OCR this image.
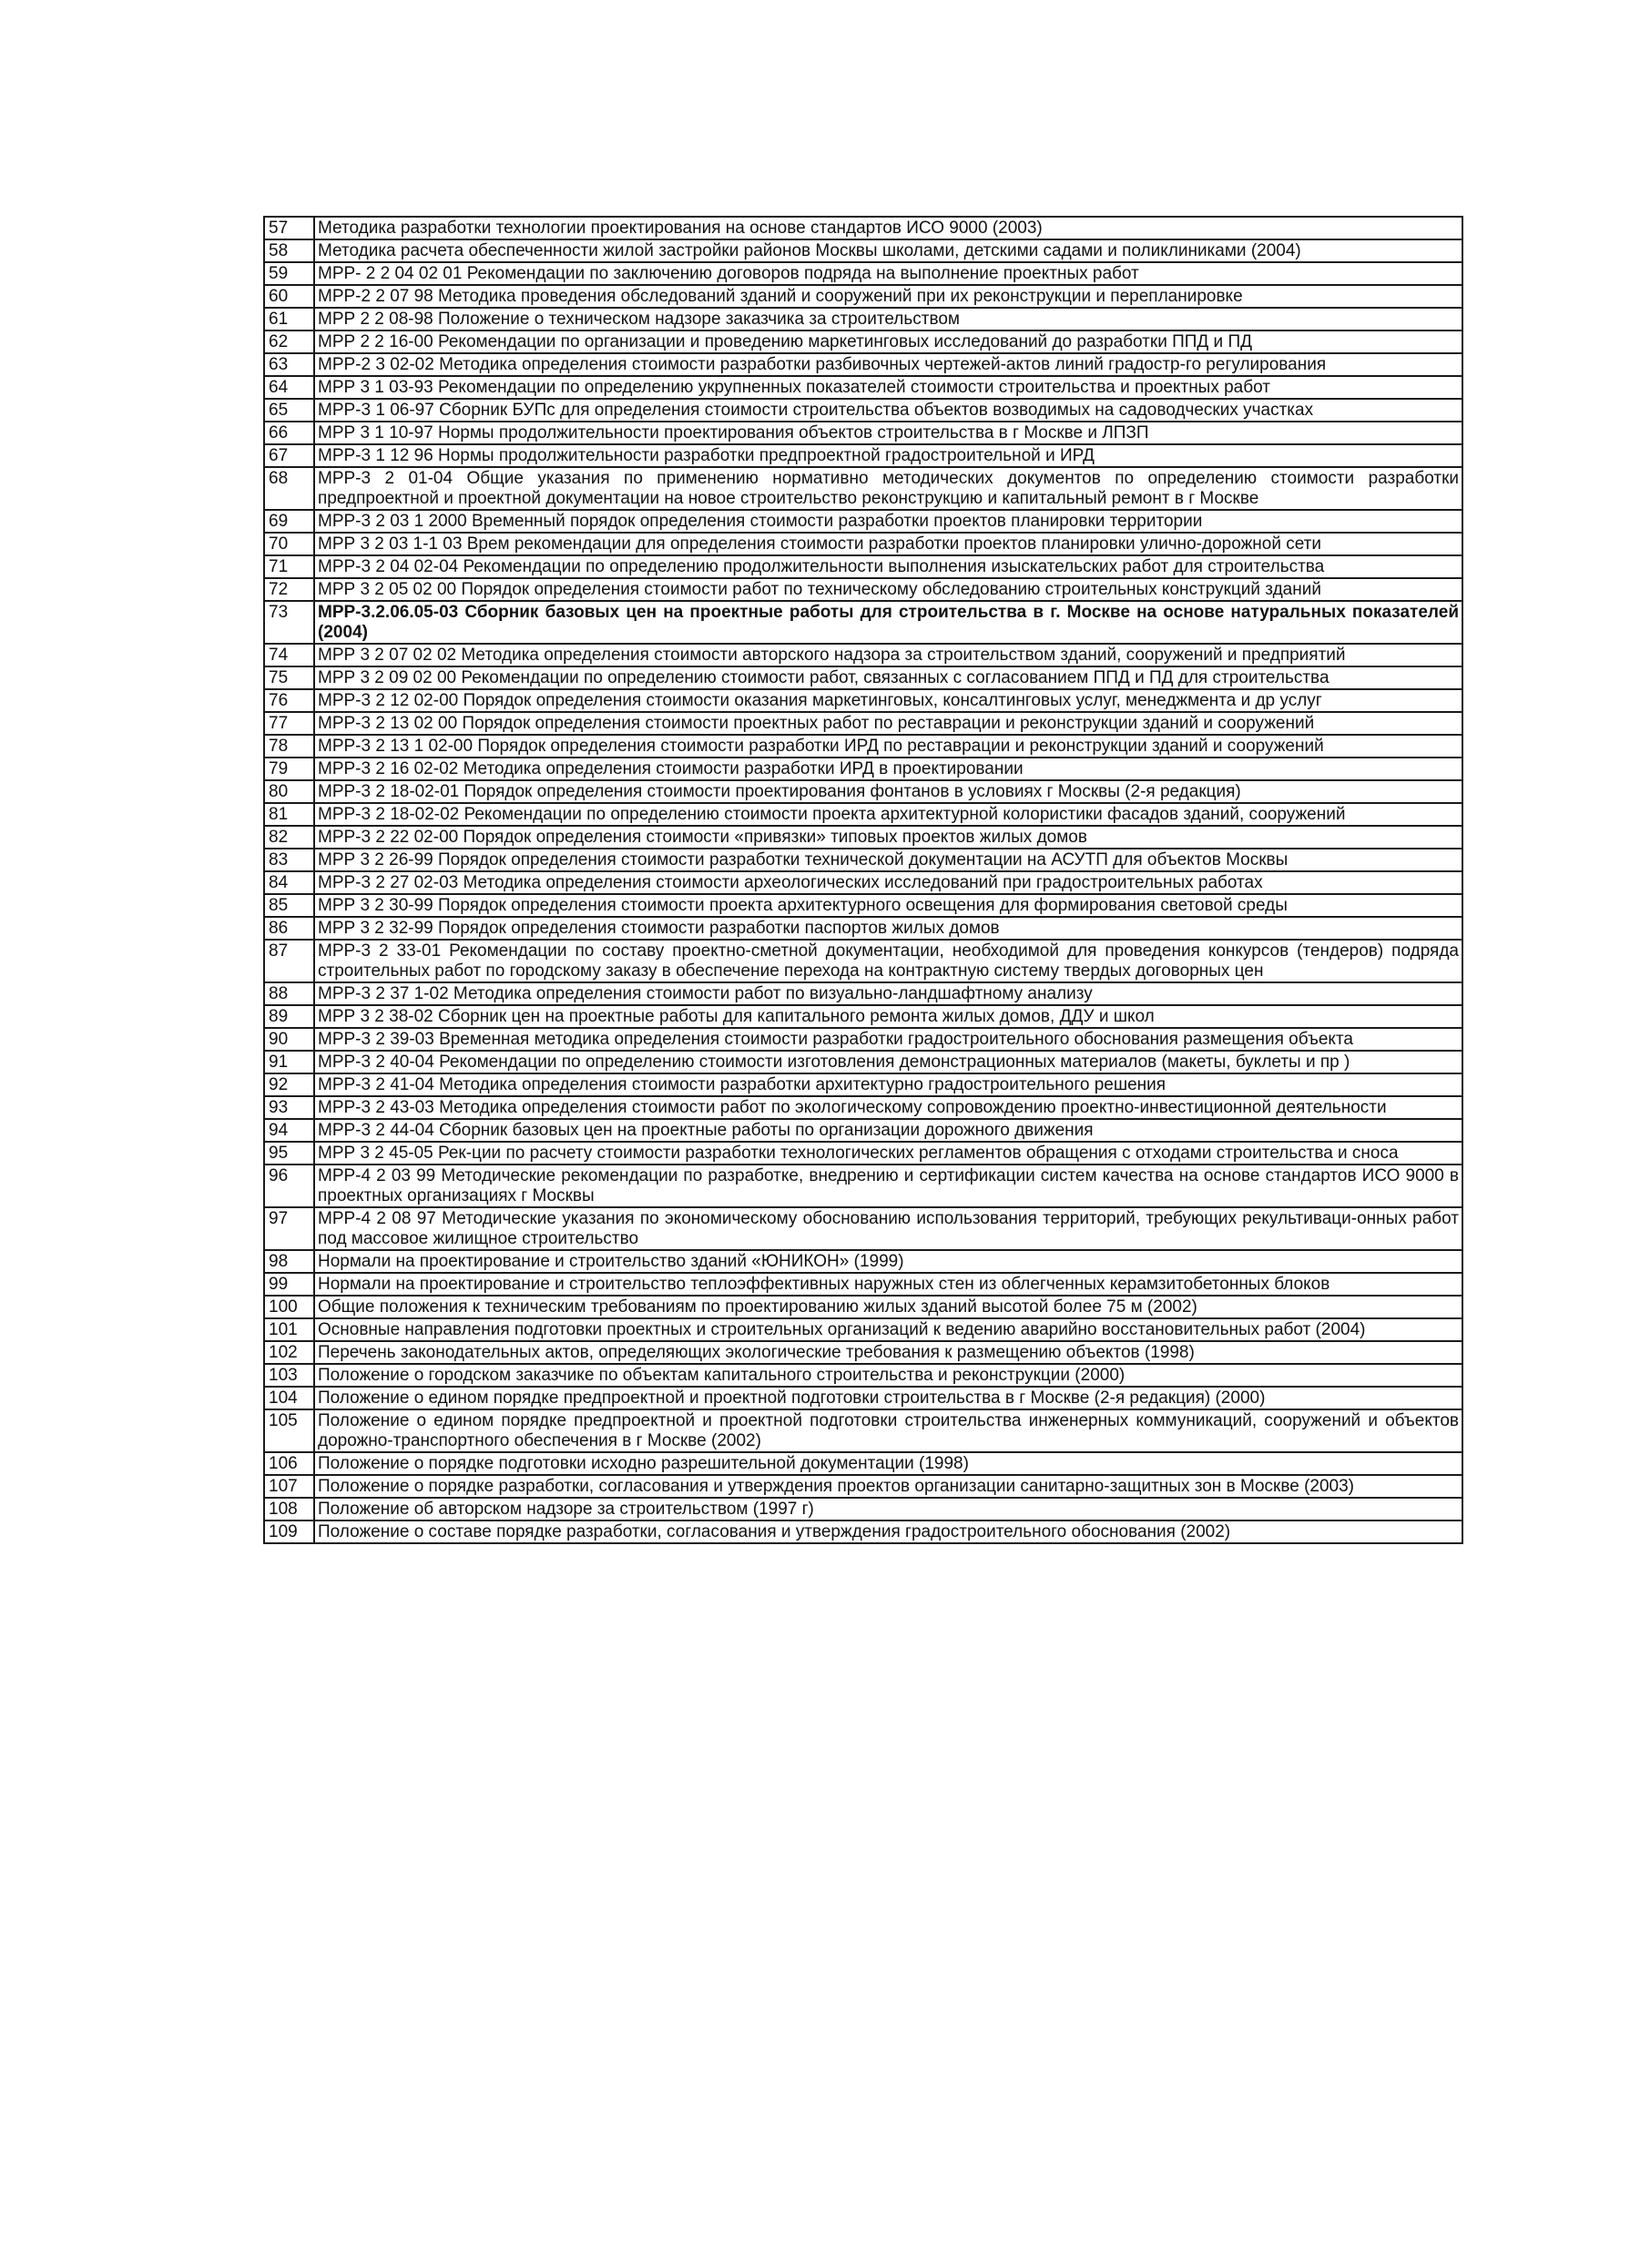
57	Методика разработки технологии проектирования на основе стандартов ИСО 9000 (2003)
58	Методика расчета обеспеченности жилой застройки районов Москвы школами, детскими садами и поликлиниками (2004)
59	МРР- 2 2 04 02 01 Рекомендации по заключению договоров подряда на выполнение проектных работ
60	МРР-2 2 07 98 Методика проведения обследований зданий и сооружений при их реконструкции и перепланировке
61	МРР 2 2 08-98 Положение о техническом надзоре заказчика за строительством
62	МРР 2 2 16-00 Рекомендации по организации и проведению маркетинговых исследований до разработки ППД и ПД
63	МРР-2 3 02-02 Методика определения стоимости разработки разбивочных чертежей-актов линий градостр-го регулирования
64	МРР 3 1 03-93 Рекомендации по определению укрупненных показателей стоимости строительства и проектных работ
65	МРР-3 1 06-97 Сборник БУПс для определения стоимости строительства объектов возводимых на садоводческих участках
66	МРР 3 1 10-97 Нормы продолжительности проектирования объектов строительства в г Москве и ЛПЗП
67	МРР-3 1 12 96 Нормы продолжительности разработки предпроектной градостроительной и ИРД
68	МРР-3 2 01-04 Общие указания по применению нормативно методических документов по определению стоимости разработки предпроектной и проектной документации на новое строительство реконструкцию и капитальный ремонт в г Москве
69	МРР-3 2 03 1 2000 Временный порядок определения стоимости разработки проектов планировки территории
70	МРР 3 2 03 1-1 03 Врем рекомендации для определения стоимости разработки проектов планировки улично-дорожной сети
71	МРР-3 2 04 02-04 Рекомендации по определению продолжительности выполнения изыскательских работ для строительства
72	МРР 3 2 05 02 00 Порядок определения стоимости работ по техническому обследованию строительных конструкций зданий
73	МРР-3.2.06.05-03 Сборник базовых цен на проектные работы для строительства в г. Москве на основе натуральных показателей (2004)
74	МРР 3 2 07 02 02 Методика определения стоимости авторского надзора за строительством зданий, сооружений и предприятий
75	МРР 3 2 09 02 00 Рекомендации по определению стоимости работ, связанных с согласованием ППД и ПД для строительства
76	МРР-3 2 12 02-00 Порядок определения стоимости оказания маркетинговых, консалтинговых услуг, менеджмента и др услуг
77	МРР-3 2 13 02 00 Порядок определения стоимости проектных работ по реставрации и реконструкции зданий и сооружений
78	МРР-3 2 13 1 02-00 Порядок определения стоимости разработки ИРД по реставрации и реконструкции зданий и сооружений
79	МРР-3 2 16 02-02 Методика определения стоимости разработки ИРД в проектировании
80	МРР-3 2 18-02-01 Порядок определения стоимости проектирования фонтанов в условиях г Москвы (2-я редакция)
81	МРР-3 2 18-02-02 Рекомендации по определению стоимости проекта архитектурной колористики фасадов зданий, сооружений
82	МРР-3 2 22 02-00 Порядок определения стоимости «привязки» типовых проектов жилых домов
83	МРР 3 2 26-99 Порядок определения стоимости разработки технической документации на АСУТП для объектов Москвы
84	МРР-3 2 27 02-03 Методика определения стоимости археологических исследований при градостроительных работах
85	МРР 3 2 30-99 Порядок определения стоимости проекта архитектурного освещения для формирования световой среды
86	МРР 3 2 32-99 Порядок определения стоимости разработки паспортов жилых домов
87	МРР-3 2 33-01 Рекомендации по составу проектно-сметной документации, необходимой для проведения конкурсов (тендеров) подряда строительных работ по городскому заказу в обеспечение перехода на контрактную систему твердых договорных цен
88	МРР-3 2 37 1-02 Методика определения стоимости работ по визуально-ландшафтному анализу
89	МРР 3 2 38-02 Сборник цен на проектные работы для капитального ремонта жилых домов, ДДУ и школ
90	МРР-3 2 39-03 Временная методика определения стоимости разработки градостроительного обоснования размещения объекта
91	МРР-3 2 40-04 Рекомендации по определению стоимости изготовления демонстрационных материалов (макеты, буклеты и пр )
92	МРР-3 2 41-04 Методика определения стоимости разработки архитектурно градостроительного решения
93	МРР-3 2 43-03 Методика определения стоимости работ по экологическому сопровождению проектно-инвестиционной деятельности
94	МРР-3 2 44-04 Сборник базовых цен на проектные работы по организации дорожного движения
95	МРР 3 2 45-05 Рек-ции по расчету стоимости разработки технологических регламентов обращения с отходами строительства и сноса
96	МРР-4 2 03 99 Методические рекомендации по разработке, внедрению и сертификации систем качества на основе стандартов ИСО 9000 в проектных организациях г Москвы
97	МРР-4 2 08 97 Методические указания по экономическому обоснованию использования территорий, требующих рекультиваци-онных работ под массовое жилищное строительство
98	Нормали на проектирование и строительство зданий «ЮНИКОН» (1999)
99	Нормали на проектирование и строительство теплоэффективных наружных стен из облегченных керамзитобетонных блоков
100	Общие положения к техническим требованиям по проектированию жилых зданий высотой более 75 м (2002)
101	Основные направления подготовки проектных и строительных организаций к ведению аварийно восстановительных работ (2004)
102	Перечень законодательных актов, определяющих экологические требования к размещению объектов (1998)
103	Положение о городском заказчике по объектам капитального строительства и реконструкции (2000)
104	Положение о едином порядке предпроектной и проектной подготовки строительства в г Москве (2-я редакция) (2000)
105	Положение о едином порядке предпроектной и проектной подготовки строительства инженерных коммуникаций, сооружений и объектов дорожно-транспортного обеспечения в г Москве (2002)
106	Положение о порядке подготовки исходно разрешительной документации (1998)
107	Положение о порядке разработки, согласования и утверждения проектов организации санитарно-защитных зон в Москве (2003)
108	Положение об авторском надзоре за строительством (1997 г)
109	Положение о составе порядке разработки, согласования и утверждения градостроительного обоснования (2002)
